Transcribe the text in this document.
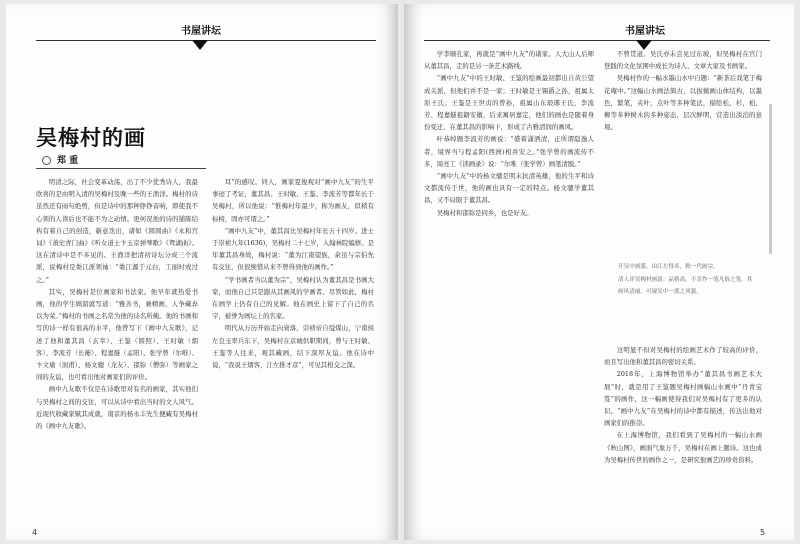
书屋讲坛
吴梅村的画
郑 重

明清之际，社会变革动荡，出了不少优秀诗人，我最欣喜的是由明入清的吴梅村及晚一些的王渔洋。梅村的诗虽然还有雨句绝剪，但是诗中的那种铮铮音响，即使我不心领的人读后也不能不为之动情。更何况他的诗的铺陈结构有着自己的创造，新意迭出，诸如《圆圆曲》《永和宫词》《萧史青门曲》《听女道士卞玉京弹琴歌》《鸳湖曲》。这在清诗中是不多见的。王渔洋把清初诗坛分成三个流派，说梅村是娄江派领袖：“娄江源于元白，工丽时或过之。”

其实，吴梅村是位画家和书法家。他早年就热爱书画，他的学生顾湄就写道：“雅善书，兼精画，人争藏弆以为荣。”梅村的书画之名常为他的诗名所掩。他的书画和写的诗一样有很高的水平，他曾写下《画中九友歌》，记述了他和董其昌（玄宰）、王鉴（圆照）、王时敏（烟客）、李流芳（长蘅）、程嘉燧（孟阳）、张学曾（尔唯）、卞文瑜（润甫）、杨文骢（龙友）、邵弥（僧弥）等画家之间的友谊，也可看出他对画家们的评价。

画中九友歌不仅是在诗歌里对有名的画家，其实他们与吴梅村之间的交往，可以从诗中看出当时的文人风气。近现代收藏家赋其成就，南京的杨永丰先生便藏有吴梅村的《画中九友歌》。

耳”的感叹。同人，画家夏俊观对“画中九友”的生平事迹了考证，董其昌、王时敏、王鉴、李流芳等都年长于吴梅村，所以他说：“惟梅村年最少，称为画友，似稍有标榜，固亦可谓之。”

“画中九友”中，董其昌比吴梅村年长五十四岁。进士于崇祯九年(1636)，吴梅村二十七岁，入翰林院编修。是年董其昌身故，梅村说：“董为江南望族，余虽与宗伯先有交往，但很惋惜从来不曾得到他的画作。”

“学书画者当以董为宗”，吴梅村认为董其昌是书画大家，而他自己只是跟从其画风的学画者。尽管如此，梅村在画学上仍有自己的见解。他在画史上留下了自己的名字，被誉为画坛上的名家。

明代从万历开始走向衰落，崇祯帝自缢煤山，宁南侯左良玉率兵东下，吴梅村在京城供职期间，曾与王时敏、王鉴等人往来，观其藏画，结下深厚友谊。他在诗中说，“我说王烟客，江左推才彦”，可见其相交之深。

4
书屋讲坛

学李顺孔家，再就是“画中九友”的诸家。人大山人后师从董其昌，走的是另一条艺术路线。

“画中九友”中的王时敏、王鉴的绘画最初都出自黄公望成关派，但他们并不是一家；王时敏是王锡爵之孙，祖属太原王氏；王鉴是王世贞的曾孙，祖属山东琅琊王氏，李流芳、程嘉燧祖籍安徽，后来寓居嘉定，他们的画也是随着身份变迁、在董其昌的影响下，形成了古雅清润的画风。

叶恭绰题李流芳的画说：“盛着潇洒清，正所谓隐逸人者，境界当与程孟阳(西洲)相并安之。”张学曾的画流传不多，周亮工《读画录》说：“尔唯（张学曾）画笔清脱。”

“画中九友”中的杨文骢是明末抗清英雄，他的生平和诗文都流传于世，他的画也具有一定的特点。杨文骢学董其昌，又不局限于董其昌。

吴梅村和邵弥是同乡，也是好友。

不曾贯道。吴氏亦未尝见过东坡，但吴梅村在宫门登践的文化氛围中成长为诗人、文章大家及书画家。

吴梅村作的一幅水墨山水中自题：“新茶后戏笔于梅花庵中。”这幅山水画法简古，以拔皴画山体结构，以墨色，繁笔，夹叶，点叶等多种笔法，描绘松、杉，桕，柳等多种树木的多种姿态，层次鲜明，营造出淡泊的意境。

开吴中画派，由江左得名，称一代画宗。

清人评吴梅村画说：品格高，不肯作一笔凡俗之笔。其画风清丽，可窥吴中一派之风貌。

这明显不但对吴梅村的绘画艺术作了较高的评价，而且写出他和董其昌的密切关系。

2018年，上海博物馆举办“董其昌书画艺术大展”时，就是用了王鉴题吴梅村画幅山水画中“丹青宝笈”的画作，这一幅画使得我们对吴梅村有了更多的认识。“画中九友”在吴梅村的诗中都有描述，传达出他对画家们的推崇。

在上海博物馆，我们看到了吴梅村的一幅山水画《秋山图》，画面气象万千，吴梅村在画上题诗。这也成为吴梅村传世的画作之一，是研究他画艺的珍贵资料。

5
